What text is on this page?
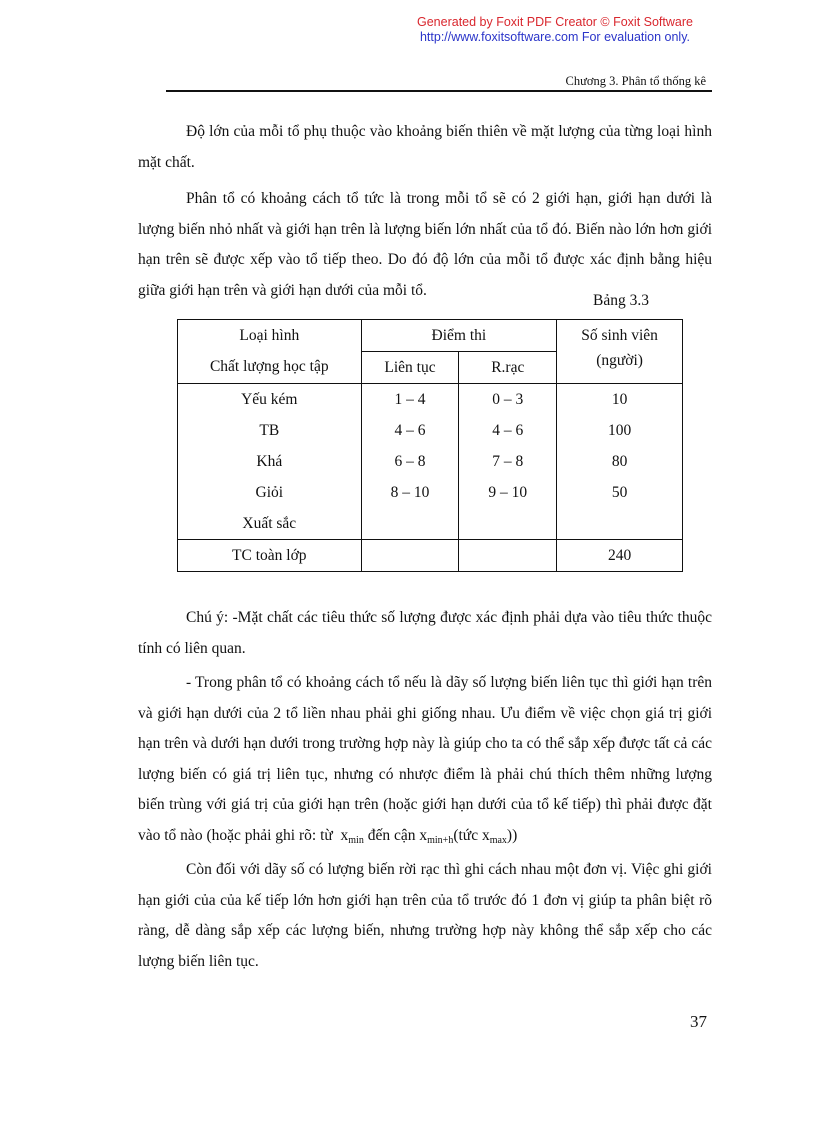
Generated by Foxit PDF Creator © Foxit Software
http://www.foxitsoftware.com For evaluation only.
Chương 3. Phân tổ thống kê

Độ lớn của mỗi tổ phụ thuộc vào khoảng biến thiên về mặt lượng của từng loại hình mặt chất.

Phân tổ có khoảng cách tổ tức là trong mỗi tổ sẽ có 2 giới hạn, giới hạn dưới là lượng biến nhỏ nhất và giới hạn trên là lượng biến lớn nhất của tổ đó. Biến nào lớn hơn giới hạn trên sẽ được xếp vào tổ tiếp theo. Do đó độ lớn của mỗi tổ được xác định bằng hiệu giữa giới hạn trên và giới hạn dưới của mỗi tổ.

Bảng 3.3
Loại hình	Điểm thi		Số sinh viên
Chất lượng học tập	Liên tục	R.rạc	(người)
Yếu kém	1 – 4	0 – 3	10
TB	4 – 6	4 – 6	100
Khá	6 – 8	7 – 8	80
Giỏi	8 – 10	9 – 10	50
Xuất sắc			
TC toàn lớp			240

Chú ý: -Mặt chất các tiêu thức số lượng được xác định phải dựa vào tiêu thức thuộc tính có liên quan.

- Trong phân tổ có khoảng cách tổ nếu là dãy số lượng biến liên tục thì giới hạn trên và giới hạn dưới của 2 tổ liền nhau phải ghi giống nhau. Ưu điểm về việc chọn giá trị giới hạn trên và dưới hạn dưới trong trường hợp này là giúp cho ta có thể sắp xếp được tất cả các lượng biến có giá trị liên tục, nhưng có nhược điểm là phải chú thích thêm những lượng biến trùng với giá trị của giới hạn trên (hoặc giới hạn dưới của tổ kế tiếp) thì phải được đặt vào tổ nào (hoặc phải ghi rõ: từ $x_{min}$ đến cận $x_{min+h}(tức$ $x_{max}$))

Còn đối với dãy số có lượng biến rời rạc thì ghi cách nhau một đơn vị. Việc ghi giới hạn giới của của kế tiếp lớn hơn giới hạn trên của tổ trước đó 1 đơn vị giúp ta phân biệt rõ ràng, dễ dàng sắp xếp các lượng biến, nhưng trường hợp này không thể sắp xếp cho các lượng biến liên tục.

37
